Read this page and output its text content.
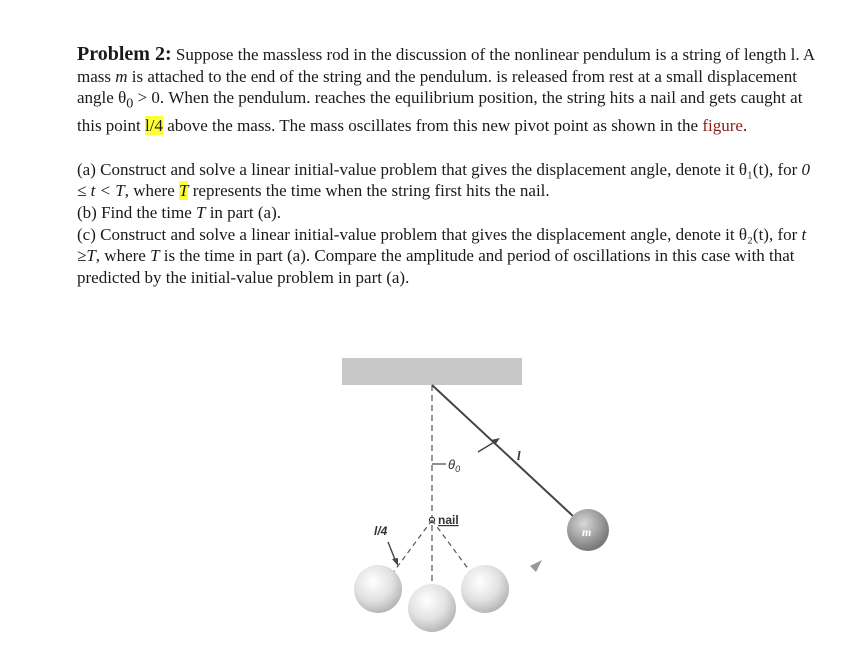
Problem 2: Suppose the massless rod in the discussion of the nonlinear pendulum is a string of length l. A mass m is attached to the end of the string and the pendulum. is released from rest at a small displacement angle $\theta_0 > 0$. When the pendulum. reaches the equilibrium position, the string hits a nail and gets caught at this point l/4 above the mass. The mass oscillates from this new pivot point as shown in the figure.

(a) Construct and solve a linear initial-value problem that gives the displacement angle, denote it θ₁(t), for 0 ≤ t < T, where T represents the time when the string first hits the nail.

(b) Find the time T in part (a).

(c) Construct and solve a linear initial-value problem that gives the displacement angle, denote it θ₂(t), for t ≥T, where T is the time in part (a). Compare the amplitude and period of oscillations in this case with that predicted by the initial-value problem in part (a).

$\theta_0$
l
nail
l/4	m
